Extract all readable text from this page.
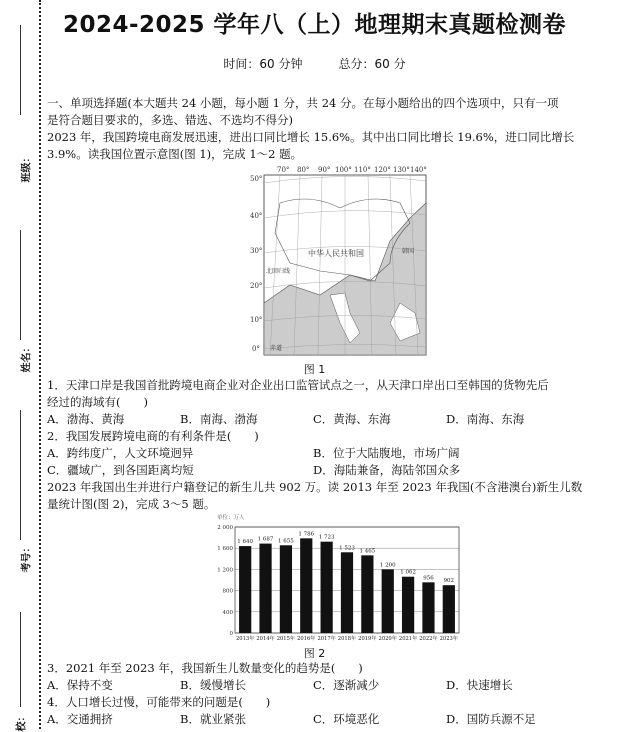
2024-2025 学年八（上）地理期末真题检测卷
时间：60 分钟	总分：60 分
班级：
姓名：
考号：
校：
一、单项选择题(本大题共 24 小题，每小题 1 分，共 24 分。在每小题给出的四个选项中，只有一项
是符合题目要求的，多选、错选、不选均不得分)
2023 年，我国跨境电商发展迅速，进出口同比增长 15.6%。其中出口同比增长 19.6%，进口同比增长
3.9%。读我国位置示意图(图 1)，完成 1～2 题。
70° 80° 90° 100° 110° 120° 130° 140°
50°
40°
30°
20°
10°
0°
中华人民共和国	韩国
北回归线
赤道
图 1
1．天津口岸是我国首批跨境电商企业对企业出口监管试点之一，从天津口岸出口至韩国的货物先后
经过的海域有(　　)
A．渤海、黄海	B．南海、渤海	C．黄海、东海	D．南海、东海
2．我国发展跨境电商的有利条件是(　　)
A．跨纬度广，人文环境迥异	B．位于大陆腹地，市场广阔
C．疆域广，到各国距离均短	D．海陆兼备，海陆邻国众多
2023 年我国出生并进行户籍登记的新生儿共 902 万。读 2013 年至 2023 年我国(不含港澳台)新生儿数
量统计图(图 2)，完成 3～5 题。
单位：万人
0
400
800
1 200
1 600
2 000
1 640
2013年
1 687
2014年
1 655
2015年
1 786
2016年
1 723
2017年
1 523
2018年
1 465
2019年
1 200
2020年
1 062
2021年
956
2022年
902
2023年
图 2
3．2021 年至 2023 年，我国新生儿数量变化的趋势是(　　)
A．保持不变	B．缓慢增长	C．逐渐减少	D．快速增长
4．人口增长过慢，可能带来的问题是(　　)
A．交通拥挤	B．就业紧张	C．环境恶化	D．国防兵源不足
